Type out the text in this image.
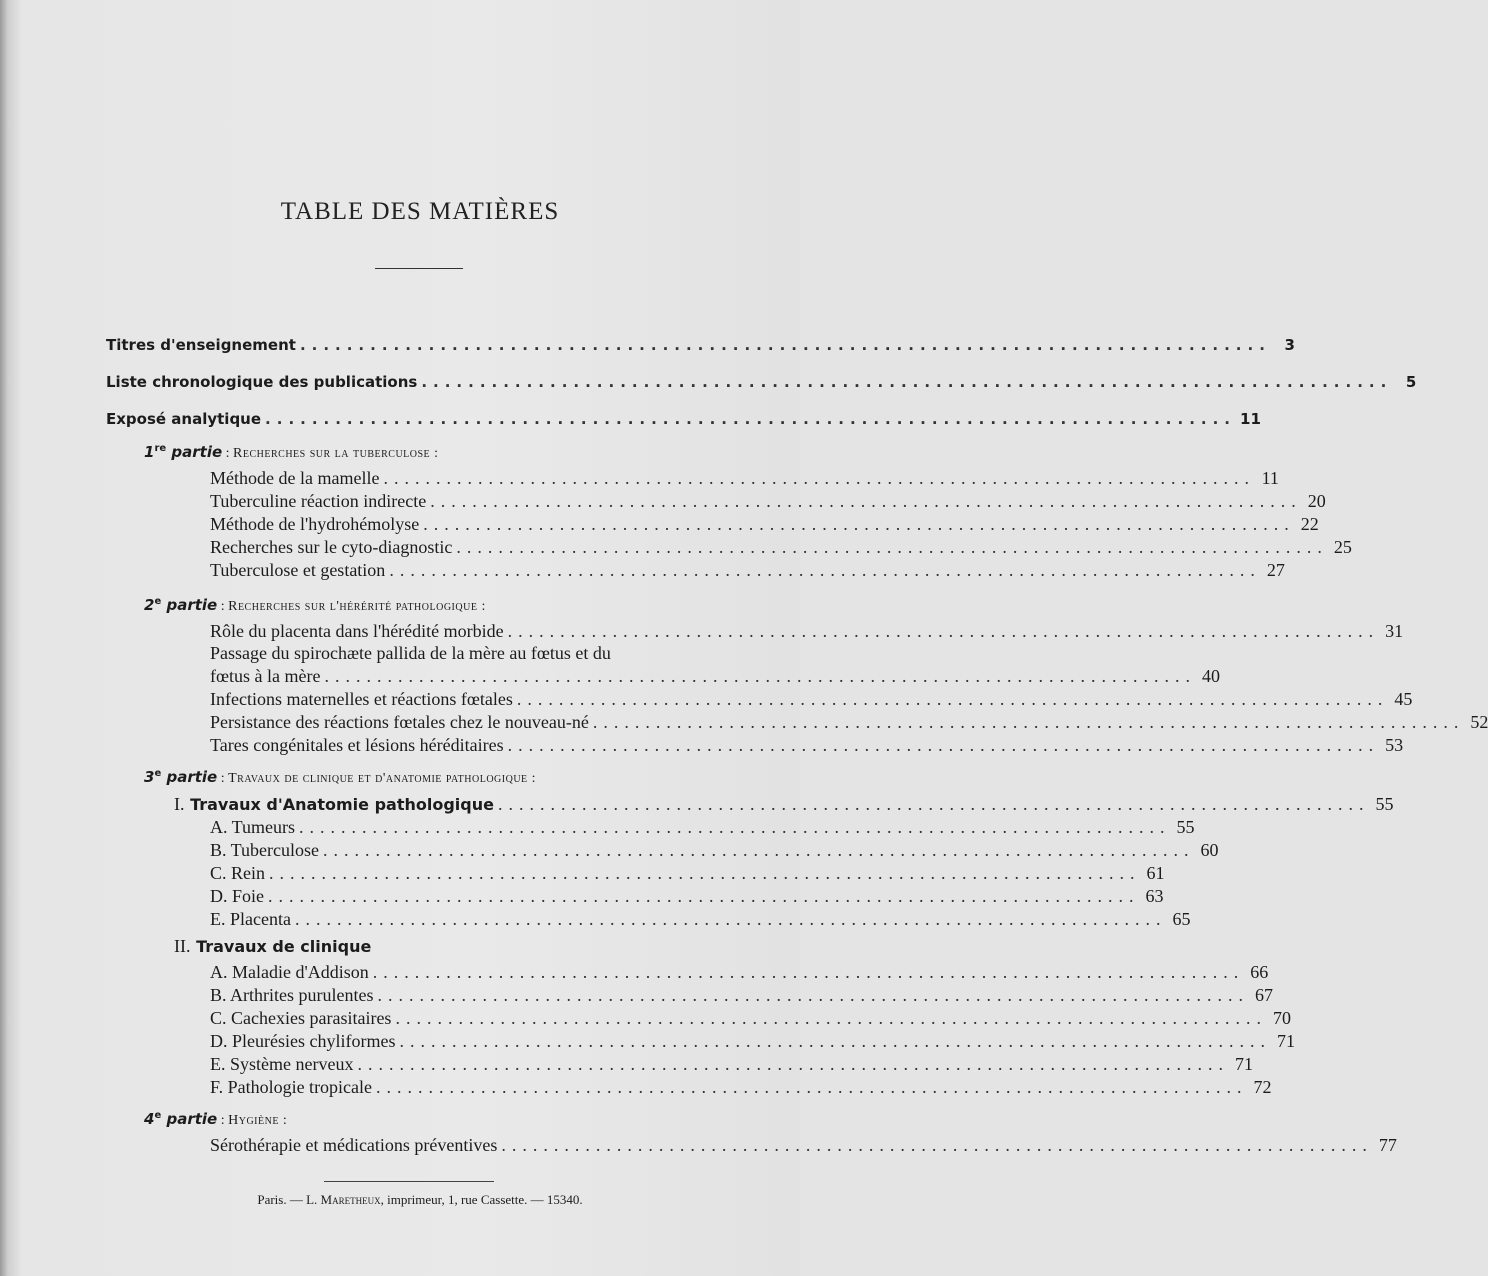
TABLE DES MATIÈRES
Titres d'enseignement ................................................................................... 3
Liste chronologique des publications ................................................................................... 5
Exposé analytique ................................................................................... 11
1re partie : Recherches sur la tuberculose :
Méthode de la mamelle ................................................................................... 11
Tuberculine réaction indirecte ................................................................................... 20
Méthode de l'hydrohémolyse ................................................................................... 22
Recherches sur le cyto-diagnostic ................................................................................... 25
Tuberculose et gestation ................................................................................... 27
2e partie : Recherches sur l'hérérité pathologique :
Rôle du placenta dans l'hérédité morbide ................................................................................... 31
Passage du spirochæte pallida de la mère au fœtus et du
fœtus à la mère ................................................................................... 40
Infections maternelles et réactions fœtales ................................................................................... 45
Persistance des réactions fœtales chez le nouveau-né ................................................................................... 52
Tares congénitales et lésions héréditaires ................................................................................... 53
3e partie : Travaux de clinique et d'anatomie pathologique :
I. Travaux d'Anatomie pathologique ................................................................................... 55
A. Tumeurs ................................................................................... 55
B. Tuberculose ................................................................................... 60
C. Rein ................................................................................... 61
D. Foie ................................................................................... 63
E. Placenta ................................................................................... 65
II. Travaux de clinique
A. Maladie d'Addison ................................................................................... 66
B. Arthrites purulentes ................................................................................... 67
C. Cachexies parasitaires ................................................................................... 70
D. Pleurésies chyliformes ................................................................................... 71
E. Système nerveux ................................................................................... 71
F. Pathologie tropicale ................................................................................... 72
4e partie : Hygiène :
Sérothérapie et médications préventives ................................................................................... 77
Paris. — L. Maretheux, imprimeur, 1, rue Cassette. — 15340.
